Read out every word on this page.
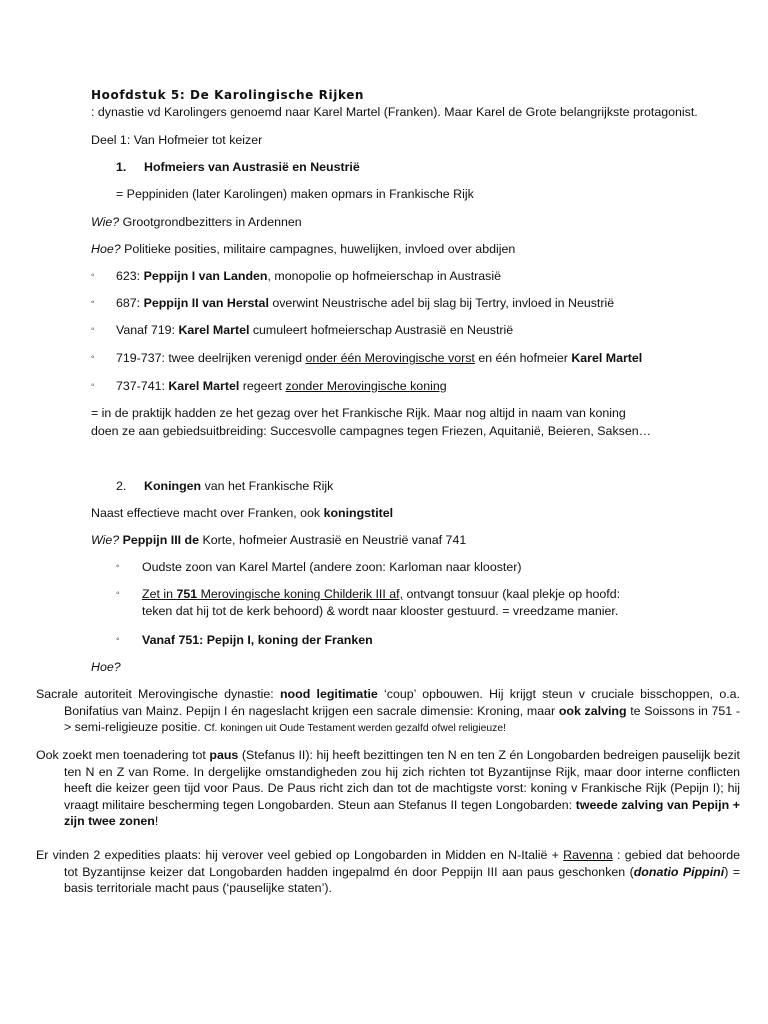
Hoofdstuk 5: De Karolingische Rijken
: dynastie vd Karolingers genoemd naar Karel Martel (Franken). Maar Karel de Grote belangrijkste protagonist.
Deel 1: Van Hofmeier tot keizer
1. Hofmeiers van Austrasië en Neustrië
= Peppiniden (later Karolingen) maken opmars in Frankische Rijk
Wie? Grootgrondbezitters in Ardennen
Hoe? Politieke posities, militaire campagnes, huwelijken, invloed over abdijen
◦ 623: Peppijn I van Landen, monopolie op hofmeierschap in Austrasië
◦ 687: Peppijn II van Herstal overwint Neustrische adel bij slag bij Tertry, invloed in Neustrië
◦ Vanaf 719: Karel Martel cumuleert hofmeierschap Austrasië en Neustrië
◦ 719-737: twee deelrijken verenigd onder één Merovingische vorst en één hofmeier Karel Martel
◦ 737-741: Karel Martel regeert zonder Merovingische koning
= in de praktijk hadden ze het gezag over het Frankische Rijk. Maar nog altijd in naam van koning
doen ze aan gebiedsuitbreiding: Succesvolle campagnes tegen Friezen, Aquitanië, Beieren, Saksen…
2. Koningen van het Frankische Rijk
Naast effectieve macht over Franken, ook koningstitel
Wie? Peppijn III de Korte, hofmeier Austrasië en Neustrië vanaf 741
◦ Oudste zoon van Karel Martel (andere zoon: Karloman naar klooster)
◦ Zet in 751 Merovingische koning Childerik III af, ontvangt tonsuur (kaal plekje op hoofd:
teken dat hij tot de kerk behoord) & wordt naar klooster gestuurd. = vreedzame manier.
◦ Vanaf 751: Pepijn I, koning der Franken
Hoe?
Sacrale autoriteit Merovingische dynastie: nood legitimatie ‘coup’ opbouwen. Hij krijgt steun v cruciale bisschoppen, o.a. Bonifatius van Mainz. Pepijn I én nageslacht krijgen een sacrale dimensie: Kroning, maar ook zalving te Soissons in 751 -> semi-religieuze positie. Cf. koningen uit Oude Testament werden gezalfd ofwel religieuze!
Ook zoekt men toenadering tot paus (Stefanus II): hij heeft bezittingen ten N en ten Z én Longobarden bedreigen pauselijk bezit ten N en Z van Rome. In dergelijke omstandigheden zou hij zich richten tot Byzantijnse Rijk, maar door interne conflicten heeft die keizer geen tijd voor Paus. De Paus richt zich dan tot de machtigste vorst: koning v Frankische Rijk (Pepijn I); hij vraagt militaire bescherming tegen Longobarden. Steun aan Stefanus II tegen Longobarden: tweede zalving van Pepijn + zijn twee zonen!
Er vinden 2 expedities plaats: hij verover veel gebied op Longobarden in Midden en N-Italië + Ravenna : gebied dat behoorde tot Byzantijnse keizer dat Longobarden hadden ingepalmd én door Peppijn III aan paus geschonken (donatio Pippini) = basis territoriale macht paus (‘pauselijke staten’).
